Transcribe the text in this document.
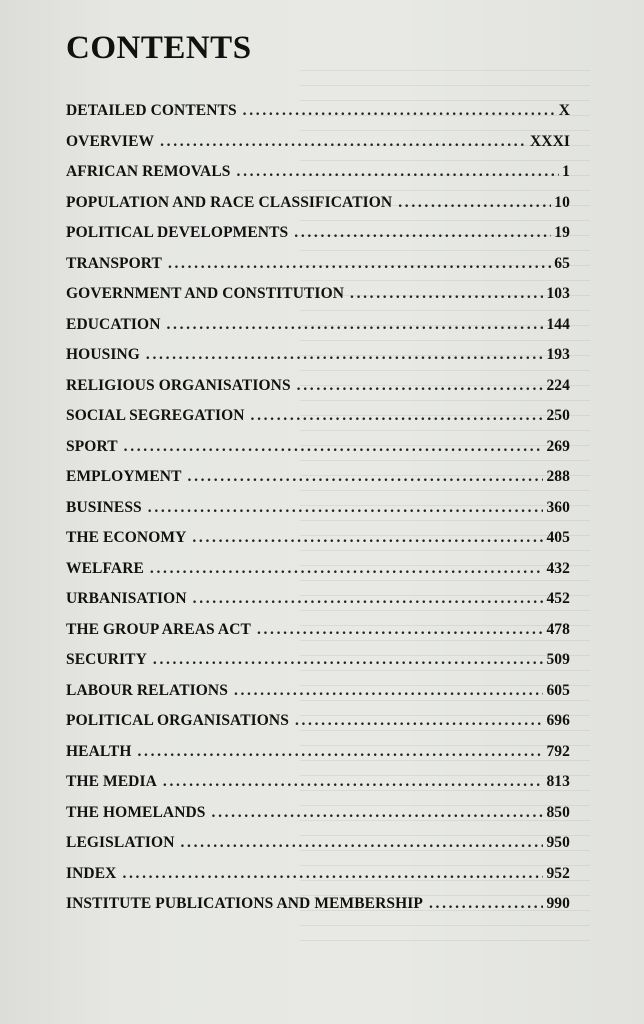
CONTENTS
DETAILED CONTENTS . . .	X
OVERVIEW . . .	XXXI
AFRICAN REMOVALS . . .	1
POPULATION AND RACE CLASSIFICATION . . .	10
POLITICAL DEVELOPMENTS . . .	19
TRANSPORT . . .	65
GOVERNMENT AND CONSTITUTION . . .	103
EDUCATION . . .	144
HOUSING . . .	193
RELIGIOUS ORGANISATIONS . . .	224
SOCIAL SEGREGATION . . .	250
SPORT . . .	269
EMPLOYMENT . . .	288
BUSINESS . . .	360
THE ECONOMY . . .	405
WELFARE . . .	432
URBANISATION . . .	452
THE GROUP AREAS ACT . . .	478
SECURITY . . .	509
LABOUR RELATIONS . . .	605
POLITICAL ORGANISATIONS . . .	696
HEALTH . . .	792
THE MEDIA . . .	813
THE HOMELANDS . . .	850
LEGISLATION . . .	950
INDEX . . .	952
INSTITUTE PUBLICATIONS AND MEMBERSHIP . . .	990
